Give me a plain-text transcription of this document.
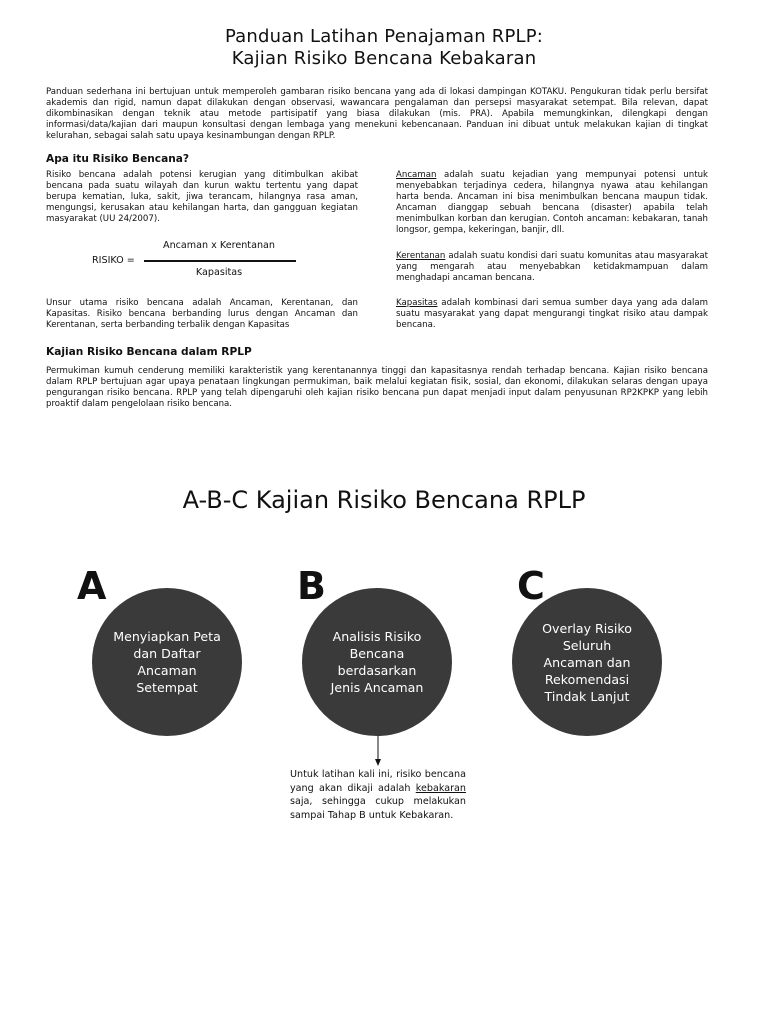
Panduan Latihan Penajaman RPLP:
Kajian Risiko Bencana Kebakaran

Panduan sederhana ini bertujuan untuk memperoleh gambaran risiko bencana yang ada di lokasi dampingan KOTAKU. Pengukuran tidak perlu bersifat akademis dan rigid, namun dapat dilakukan dengan observasi, wawancara pengalaman dan persepsi masyarakat setempat. Bila relevan, dapat dikombinasikan dengan teknik atau metode partisipatif yang biasa dilakukan (mis. PRA). Apabila memungkinkan, dilengkapi dengan informasi/data/kajian dari maupun konsultasi dengan lembaga yang menekuni kebencanaan. Panduan ini dibuat untuk melakukan kajian di tingkat kelurahan, sebagai salah satu upaya kesinambungan dengan RPLP.

Apa itu Risiko Bencana?

Risiko bencana adalah potensi kerugian yang ditimbulkan akibat bencana pada suatu wilayah dan kurun waktu tertentu yang dapat berupa kematian, luka, sakit, jiwa terancam, hilangnya rasa aman, mengungsi, kerusakan atau kehilangan harta, dan gangguan kegiatan masyarakat (UU 24/2007).

RISIKO =
Ancaman x Kerentanan
Kapasitas

Unsur utama risiko bencana adalah Ancaman, Kerentanan, dan Kapasitas. Risiko bencana berbanding lurus dengan Ancaman dan Kerentanan, serta berbanding terbalik dengan Kapasitas

Ancaman adalah suatu kejadian yang mempunyai potensi untuk menyebabkan terjadinya cedera, hilangnya nyawa atau kehilangan harta benda. Ancaman ini bisa menimbulkan bencana maupun tidak. Ancaman dianggap sebuah bencana (disaster) apabila telah menimbulkan korban dan kerugian. Contoh ancaman: kebakaran, tanah longsor, gempa, kekeringan, banjir, dll.

Kerentanan adalah suatu kondisi dari suatu komunitas atau masyarakat yang mengarah atau menyebabkan ketidakmampuan dalam menghadapi ancaman bencana.

Kapasitas adalah kombinasi dari semua sumber daya yang ada dalam suatu masyarakat yang dapat mengurangi tingkat risiko atau dampak bencana.

Kajian Risiko Bencana dalam RPLP

Permukiman kumuh cenderung memiliki karakteristik yang kerentanannya tinggi dan kapasitasnya rendah terhadap bencana. Kajian risiko bencana dalam RPLP bertujuan agar upaya penataan lingkungan permukiman, baik melalui kegiatan fisik, sosial, dan ekonomi, dilakukan selaras dengan upaya pengurangan risiko bencana. RPLP yang telah dipengaruhi oleh kajian risiko bencana pun dapat menjadi input dalam penyusunan RP2KPKP yang lebih proaktif dalam pengelolaan risiko bencana.

A-B-C Kajian Risiko Bencana RPLP
A	B	C
Menyiapkan Peta dan Daftar Ancaman Setempat
Analisis Risiko Bencana berdasarkan Jenis Ancaman
Overlay Risiko Seluruh Ancaman dan Rekomendasi Tindak Lanjut

Untuk latihan kali ini, risiko bencana yang akan dikaji adalah kebakaran saja, sehingga cukup melakukan sampai Tahap B untuk Kebakaran.
